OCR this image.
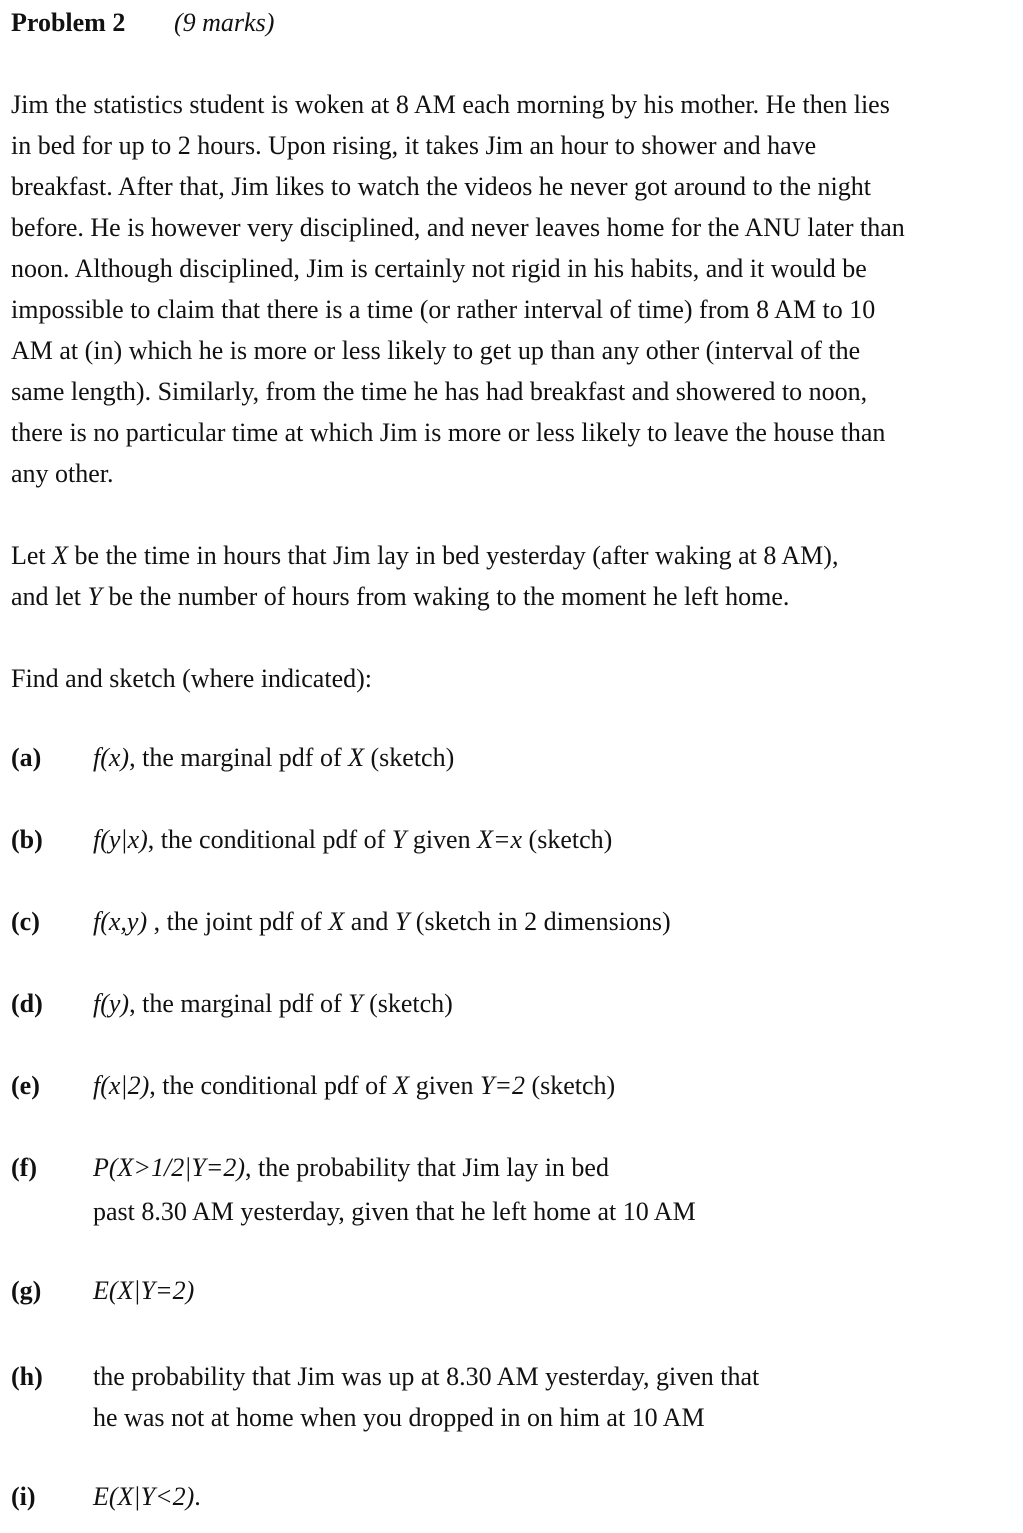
Problem 2 (9 marks)
Jim the statistics student is woken at 8 AM each morning by his mother. He then lies
in bed for up to 2 hours. Upon rising, it takes Jim an hour to shower and have
breakfast. After that, Jim likes to watch the videos he never got around to the night
before. He is however very disciplined, and never leaves home for the ANU later than
noon. Although disciplined, Jim is certainly not rigid in his habits, and it would be
impossible to claim that there is a time (or rather interval of time) from 8 AM to 10
AM at (in) which he is more or less likely to get up than any other (interval of the
same length). Similarly, from the time he has had breakfast and showered to noon,
there is no particular time at which Jim is more or less likely to leave the house than
any other.
Let X be the time in hours that Jim lay in bed yesterday (after waking at 8 AM),
and let Y be the number of hours from waking to the moment he left home.
Find and sketch (where indicated):
(a) f(x), the marginal pdf of X (sketch)
(b) f(y|x), the conditional pdf of Y given X=x (sketch)
(c) f(x,y) , the joint pdf of X and Y (sketch in 2 dimensions)
(d) f(y), the marginal pdf of Y (sketch)
(e) f(x|2), the conditional pdf of X given Y=2 (sketch)
(f) P(X>1/2|Y=2), the probability that Jim lay in bed
past 8.30 AM yesterday, given that he left home at 10 AM
(g) E(X|Y=2)
(h) the probability that Jim was up at 8.30 AM yesterday, given that
he was not at home when you dropped in on him at 10 AM
(i) E(X|Y<2).
